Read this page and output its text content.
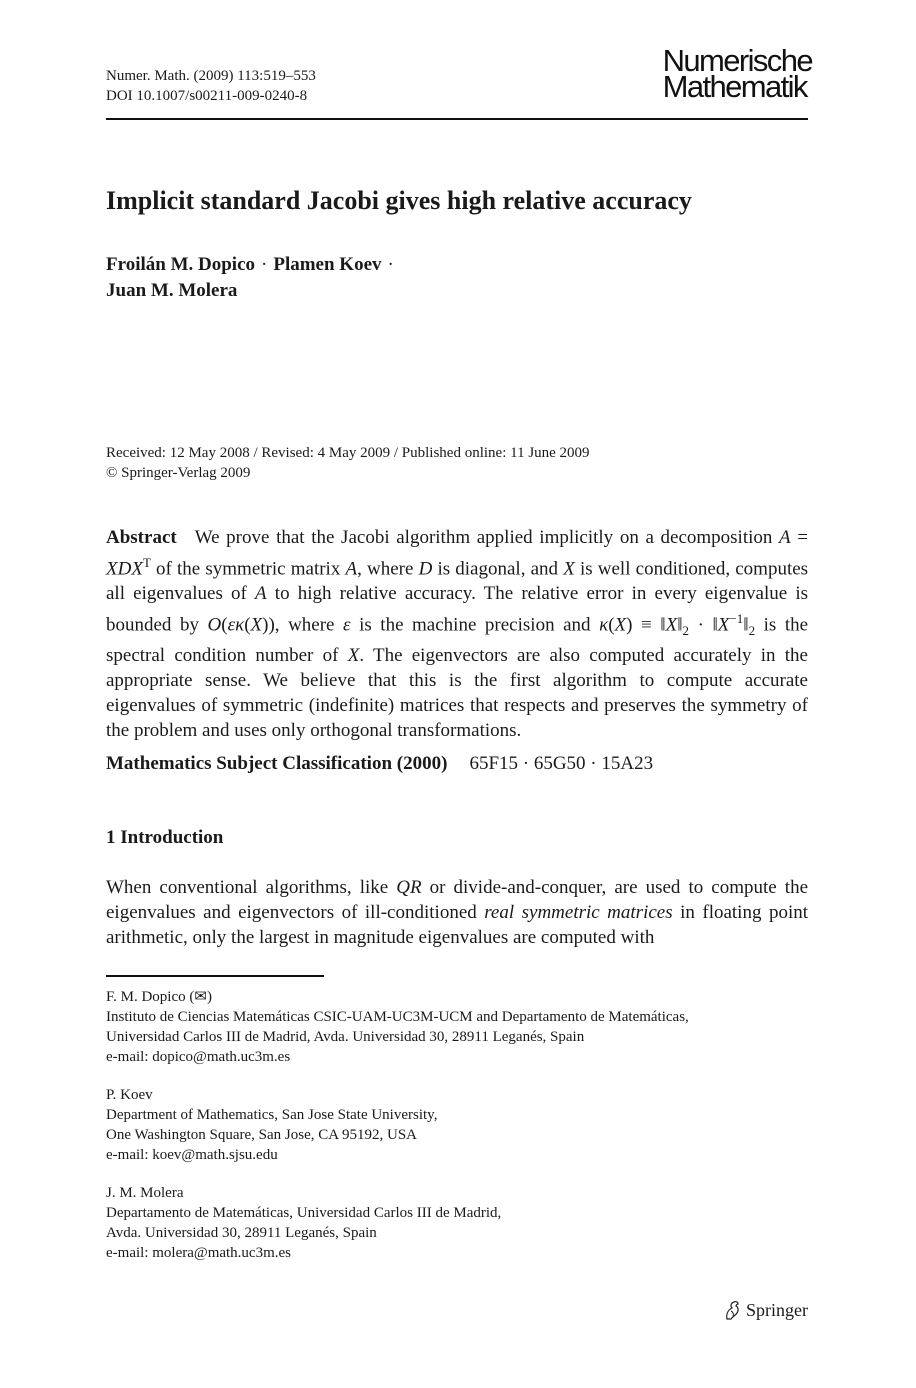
Numer. Math. (2009) 113:519–553
DOI 10.1007/s00211-009-0240-8
Numerische
Mathematik
Implicit standard Jacobi gives high relative accuracy
Froilán M. Dopico · Plamen Koev ·
Juan M. Molera
Received: 12 May 2008 / Revised: 4 May 2009 / Published online: 11 June 2009
© Springer-Verlag 2009
Abstract We prove that the Jacobi algorithm applied implicitly on a decomposition $A = XDX^T$ of the symmetric matrix A, where D is diagonal, and X is well conditioned, computes all eigenvalues of A to high relative accuracy. The relative error in every eigenvalue is bounded by O(εκ(X)), where ε is the machine precision and $\kappa(X) \equiv ‖X‖_2$ · $‖X^{-1}‖_2$ is the spectral condition number of X. The eigenvectors are also computed accurately in the appropriate sense. We believe that this is the first algorithm to compute accurate eigenvalues of symmetric (indefinite) matrices that respects and preserves the symmetry of the problem and uses only orthogonal transformations.
Mathematics Subject Classification (2000) 65F15 · 65G50 · 15A23
1 Introduction
When conventional algorithms, like QR or divide-and-conquer, are used to compute the eigenvalues and eigenvectors of ill-conditioned real symmetric matrices in floating point arithmetic, only the largest in magnitude eigenvalues are computed with

F. M. Dopico (✉)

Instituto de Ciencias Matemáticas CSIC-UAM-UC3M-UCM and Departamento de Matemáticas,

Universidad Carlos III de Madrid, Avda. Universidad 30, 28911 Leganés, Spain

e-mail: dopico@math.uc3m.es

P. Koev

Department of Mathematics, San Jose State University,

One Washington Square, San Jose, CA 95192, USA

e-mail: koev@math.sjsu.edu

J. M. Molera

Departamento de Matemáticas, Universidad Carlos III de Madrid,

Avda. Universidad 30, 28911 Leganés, Spain

e-mail: molera@math.uc3m.es

Springer
